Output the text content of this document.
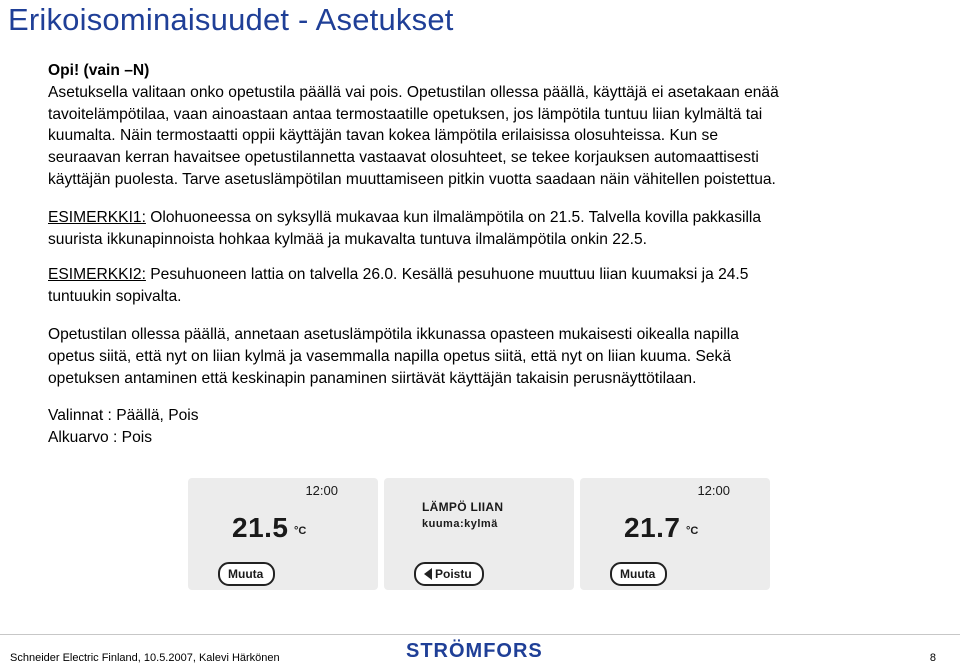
Erikoisominaisuudet - Asetukset

Opi! (vain –N)

Asetuksella valitaan onko opetustila päällä vai pois. Opetustilan ollessa päällä, käyttäjä ei asetakaan enää

tavoitelämpötilaa, vaan ainoastaan antaa termostaatille opetuksen, jos lämpötila tuntuu liian kylmältä tai

kuumalta. Näin termostaatti oppii käyttäjän tavan kokea lämpötila erilaisissa olosuhteissa. Kun se

seuraavan kerran havaitsee opetustilannetta vastaavat olosuhteet, se tekee korjauksen automaattisesti

käyttäjän puolesta. Tarve asetuslämpötilan muuttamiseen pitkin vuotta saadaan näin vähitellen poistettua.

ESIMERKKI1: Olohuoneessa on syksyllä mukavaa kun ilmalämpötila on 21.5. Talvella kovilla pakkasilla

suurista ikkunapinnoista hohkaa kylmää ja mukavalta tuntuva ilmalämpötila onkin 22.5.

ESIMERKKI2: Pesuhuoneen lattia on talvella 26.0. Kesällä pesuhuone muuttuu liian kuumaksi ja 24.5

tuntuukin sopivalta.

Opetustilan ollessa päällä, annetaan asetuslämpötila ikkunassa opasteen mukaisesti oikealla napilla

opetus siitä, että nyt on liian kylmä ja vasemmalla napilla opetus siitä, että nyt on liian kuuma. Sekä

opetuksen antaminen että keskinapin panaminen siirtävät käyttäjän takaisin perusnäyttötilaan.

Valinnat : Päällä, Pois

Alkuarvo : Pois

12:00
21.5 °C
Muuta
LÄMPÖ LIIAN
kuuma:kylmä
Poistu
12:00
21.7 °C
Muuta
Schneider Electric Finland, 10.5.2007, Kalevi Härkönen	STRÖMFORS	8
